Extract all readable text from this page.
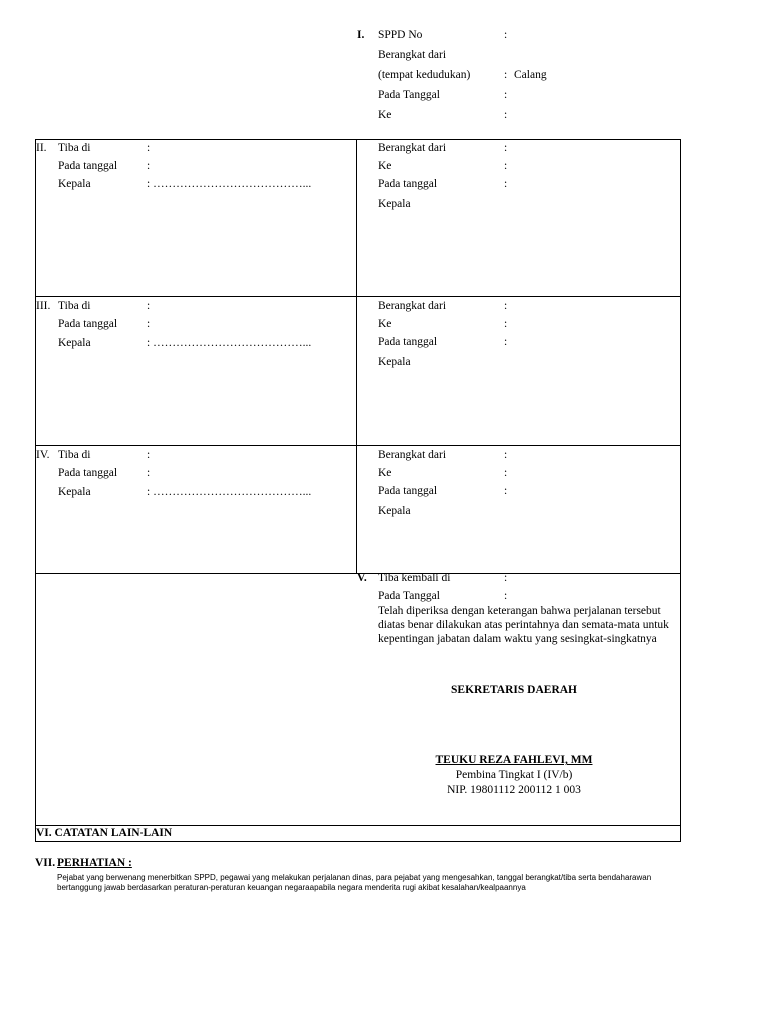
I. SPPD No	:
Berangkat dari
(tempat kedudukan)	: Calang
Pada Tanggal	:
Ke	:
II. Tiba di	:
Pada tanggal	:
Kepala	: …………………………………...
Berangkat dari	:
Ke	:
Pada tanggal	:
Kepala
III. Tiba di	:
Pada tanggal	:
Kepala	: …………………………………...
Berangkat dari	:
Ke	:
Pada tanggal	:
Kepala
IV. Tiba di	:
Pada tanggal	:
Kepala	: …………………………………...
Berangkat dari	:
Ke	:
Pada tanggal	:
Kepala
V. Tiba kembali di	:
Pada Tanggal	:
Telah diperiksa dengan keterangan bahwa perjalanan tersebut
diatas benar dilakukan atas perintahnya dan semata-mata untuk
kepentingan jabatan dalam waktu yang sesingkat-singkatnya
SEKRETARIS DAERAH
TEUKU REZA FAHLEVI, MM
Pembina Tingkat I (IV/b)
NIP. 19801112 200112 1 003
VI. CATATAN LAIN-LAIN
VII. PERHATIAN :
Pejabat yang berwenang menerbitkan SPPD, pegawai yang melakukan perjalanan dinas, para pejabat yang mengesahkan, tanggal berangkat/tiba serta bendaharawan
bertanggung jawab berdasarkan peraturan-peraturan keuangan negaraapabila negara menderita rugi akibat kesalahan/kealpaannya
